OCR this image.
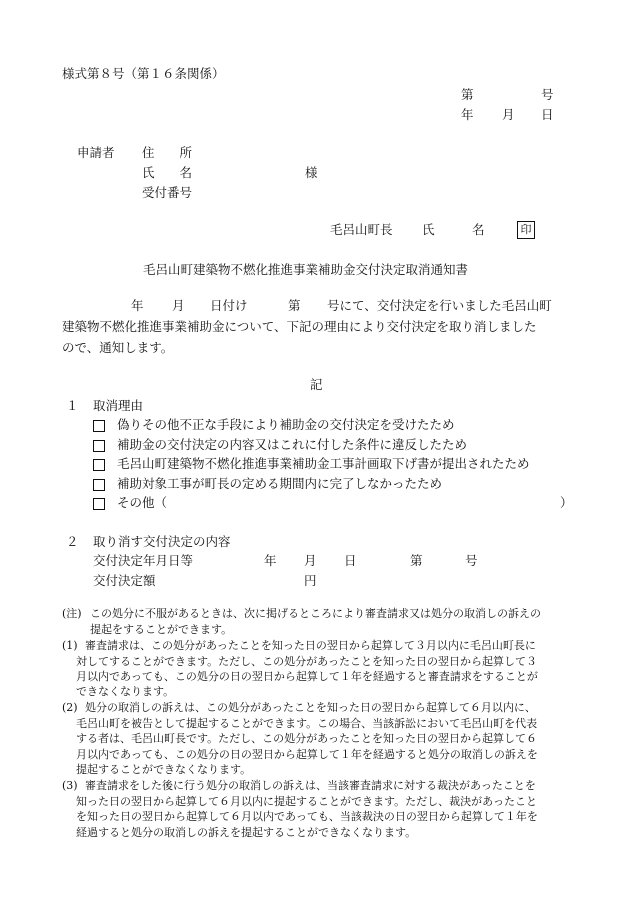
様式第８号（第１６条関係）
第	号
年 月 日
申請者 住　　所
氏　　名	様
受付番号
毛呂山町長 氏　　　名	印
毛呂山町建築物不燃化推進事業補助金交付決定取消通知書
年 月 日付け	第 号にて、交付決定を行いました毛呂山町
建築物不燃化推進事業補助金について、下記の理由により交付決定を取り消しました
ので、通知します。
記
１ 取消理由
偽りその他不正な手段により補助金の交付決定を受けたため
補助金の交付決定の内容又はこれに付した条件に違反したため
毛呂山町建築物不燃化推進事業補助金工事計画取下げ書が提出されたため
補助対象工事が町長の定める期間内に完了しなかったため
その他（	）
２ 取り消す交付決定の内容
交付決定年月日等	年 月 日	第	号
交付決定額	円
(注) この処分に不服があるときは、次に掲げるところにより審査請求又は処分の取消しの訴えの
提起をすることができます。
(1) 審査請求は、この処分があったことを知った日の翌日から起算して３月以内に毛呂山町長に
対してすることができます。ただし、この処分があったことを知った日の翌日から起算して３
月以内であっても、この処分の日の翌日から起算して１年を経過すると審査請求をすることが
できなくなります。
(2) 処分の取消しの訴えは、この処分があったことを知った日の翌日から起算して６月以内に、
毛呂山町を被告として提起することができます。この場合、当該訴訟において毛呂山町を代表
する者は、毛呂山町長です。ただし、この処分があったことを知った日の翌日から起算して６
月以内であっても、この処分の日の翌日から起算して１年を経過すると処分の取消しの訴えを
提起することができなくなります。
(3) 審査請求をした後に行う処分の取消しの訴えは、当該審査請求に対する裁決があったことを
知った日の翌日から起算して６月以内に提起することができます。ただし、裁決があったこと
を知った日の翌日から起算して６月以内であっても、当該裁決の日の翌日から起算して１年を
経過すると処分の取消しの訴えを提起することができなくなります。
